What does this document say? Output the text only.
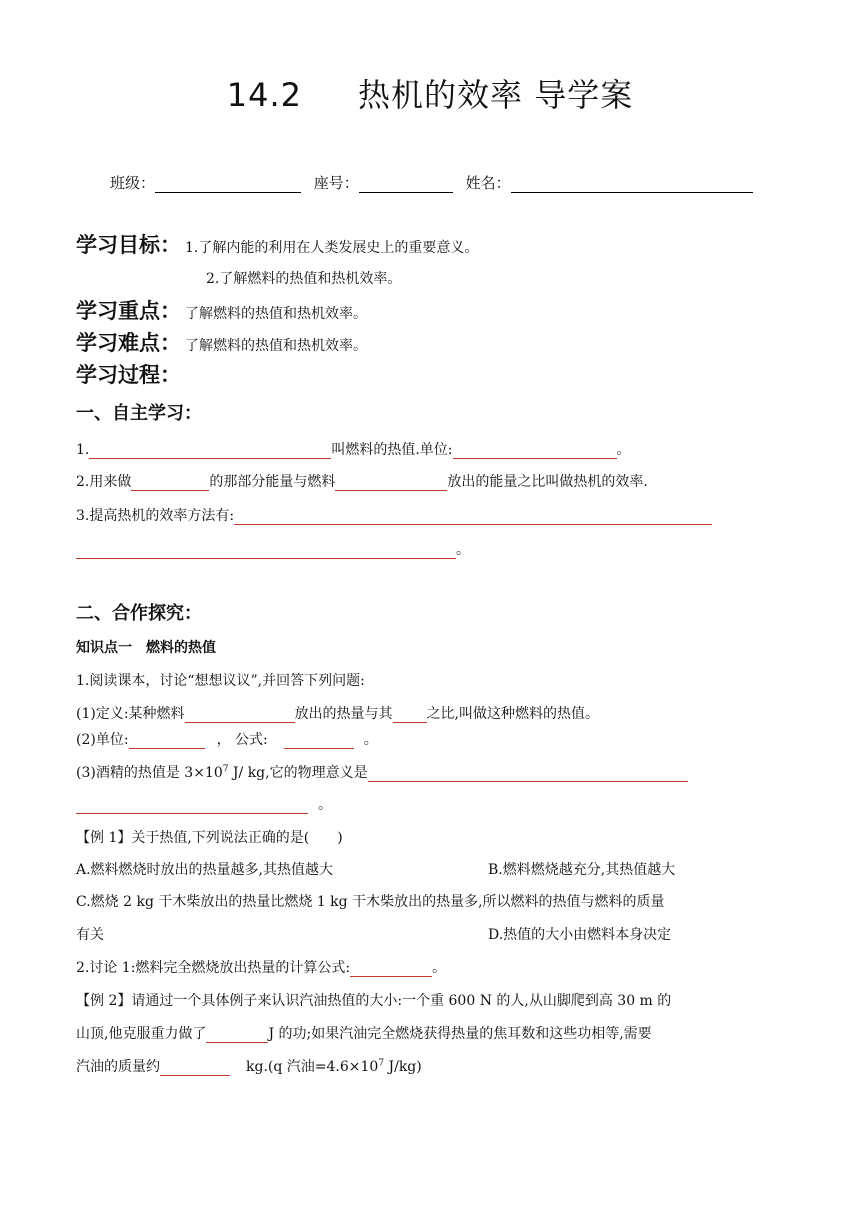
14.2 热机的效率 导学案
班级：	座号：	姓名：
学习目标： 1.了解内能的利用在人类发展史上的重要意义。
2.了解燃料的热值和热机效率。
学习重点： 了解燃料的热值和热机效率。
学习难点： 了解燃料的热值和热机效率。
学习过程：
一、自主学习：
1.	叫燃料的热值.单位:	。
2.用来做	的那部分能量与燃料	放出的能量之比叫做热机的效率.
3.提高热机的效率方法有:
。
二、合作探究：
知识点一　燃料的热值
1.阅读课本，讨论“想想议议”,并回答下列问题:
(1)定义:某种燃料	放出的热量与其 之比,叫做这种燃料的热值。
(2)单位:	， 公式:	。
(3)酒精的热值是 $3\times 10^7$ J/ kg,它的物理意义是
。
【例 1】关于热值,下列说法正确的是(　　)
A.燃料燃烧时放出的热量越多,其热值越大	B.燃料燃烧越充分,其热值越大
C.燃烧 2 kg 干木柴放出的热量比燃烧 1 kg 干木柴放出的热量多,所以燃料的热值与燃料的质量
有关	D.热值的大小由燃料本身决定
2.讨论 1:燃料完全燃烧放出热量的计算公式:	。
【例 2】请通过一个具体例子来认识汽油热值的大小:一个重 600 N 的人,从山脚爬到高 30 m 的
山顶,他克服重力做了	J 的功;如果汽油完全燃烧获得热量的焦耳数和这些功相等,需要
汽油的质量约	kg.(q 汽油$=4.6\times 10^7$ J/kg)
